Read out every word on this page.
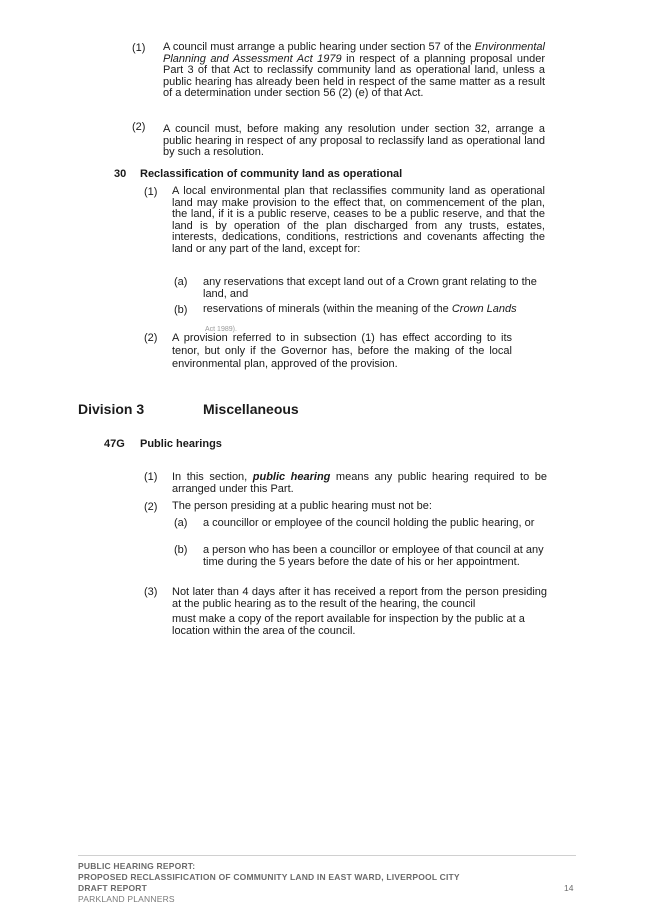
(1) A council must arrange a public hearing under section 57 of the Environmental Planning and Assessment Act 1979 in respect of a planning proposal under Part 3 of that Act to reclassify community land as operational land, unless a public hearing has already been held in respect of the same matter as a result of a determination under section 56 (2) (e) of that Act.
(2) A council must, before making any resolution under section 32, arrange a public hearing in respect of any proposal to reclassify land as operational land by such a resolution.
30 Reclassification of community land as operational
(1) A local environmental plan that reclassifies community land as operational land may make provision to the effect that, on commencement of the plan, the land, if it is a public reserve, ceases to be a public reserve, and that the land is by operation of the plan discharged from any trusts, estates, interests, dedications, conditions, restrictions and covenants affecting the land or any part of the land, except for:
(a) any reservations that except land out of a Crown grant relating to the land, and
(b) reservations of minerals (within the meaning of the Crown Lands
Act 1989).
(2) A provision referred to in subsection (1) has effect according to its tenor, but only if the Governor has, before the making of the local environmental plan, approved of the provision.
Division 3	Miscellaneous
47G Public hearings
(1) In this section, public hearing means any public hearing required to be arranged under this Part.
(2) The person presiding at a public hearing must not be:
(a) a councillor or employee of the council holding the public hearing, or
(b) a person who has been a councillor or employee of that council at any time during the 5 years before the date of his or her appointment.
(3) Not later than 4 days after it has received a report from the person presiding at the public hearing as to the result of the hearing, the council
must make a copy of the report available for inspection by the public at a location within the area of the council.
PUBLIC HEARING REPORT:
PROPOSED RECLASSIFICATION OF COMMUNITY LAND IN EAST WARD, LIVERPOOL CITY
DRAFT REPORT
PARKLAND PLANNERS
14
